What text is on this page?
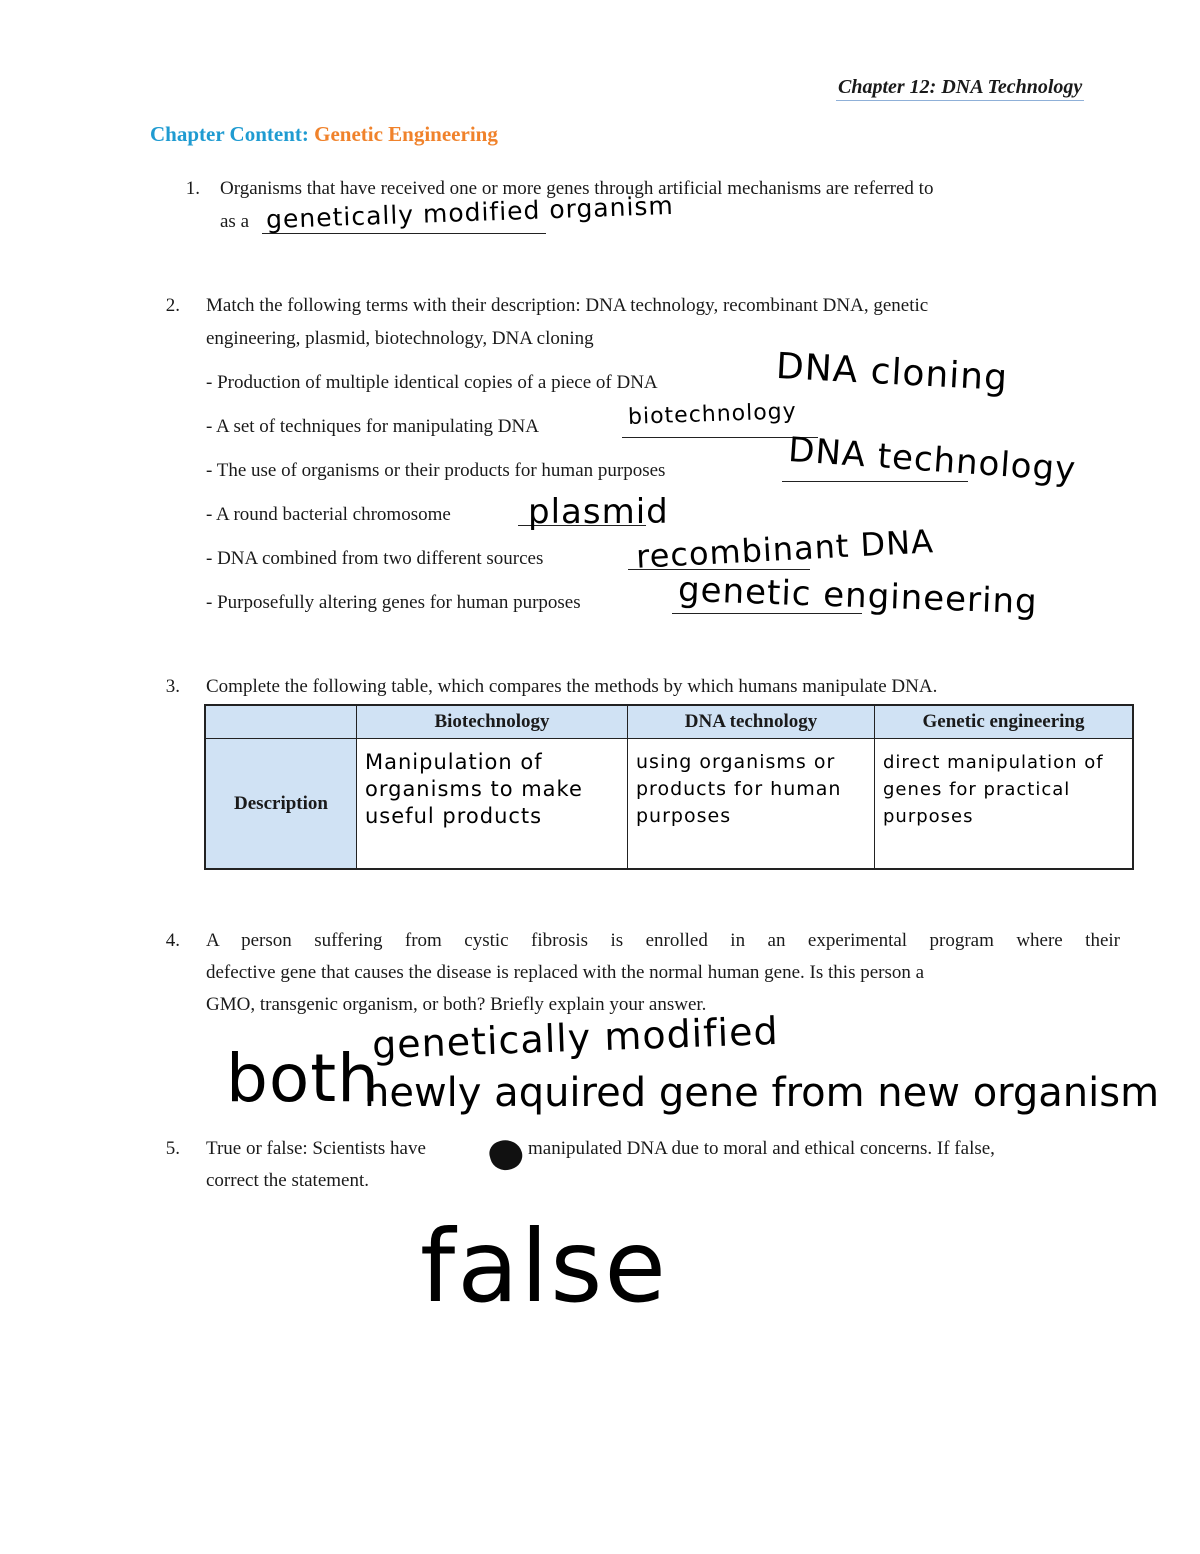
Chapter 12: DNA Technology
Chapter Content: Genetic Engineering
1. Organisms that have received one or more genes through artificial mechanisms are referred to
as a genetically modified organism
2. Match the following terms with their description: DNA technology, recombinant DNA, genetic
engineering, plasmid, biotechnology, DNA cloning
- Production of multiple identical copies of a piece of DNA	DNA cloning
- A set of techniques for manipulating DNA	biotechnology
- The use of organisms or their products for human purposes	DNA technology
- A round bacterial chromosome plasmid
- DNA combined from two different sources	recombinant DNA
- Purposefully altering genes for human purposes	genetic engineering
3. Complete the following table, which compares the methods by which humans manipulate DNA.
	Biotechnology	DNA technology	Genetic engineering
Description	Manipulation of organisms to make useful products	using organisms or products for human purposes	direct manipulation of genes for practical purposes
4. A person suffering from cystic fibrosis is enrolled in an experimental program where their
defective gene that causes the disease is replaced with the normal human gene. Is this person a
GMO, transgenic organism, or both? Briefly explain your answer.
genetically modified
both
newly aquired gene from new organism
5. True or false: Scientists have	manipulated DNA due to moral and ethical concerns. If false,
correct the statement.
false
